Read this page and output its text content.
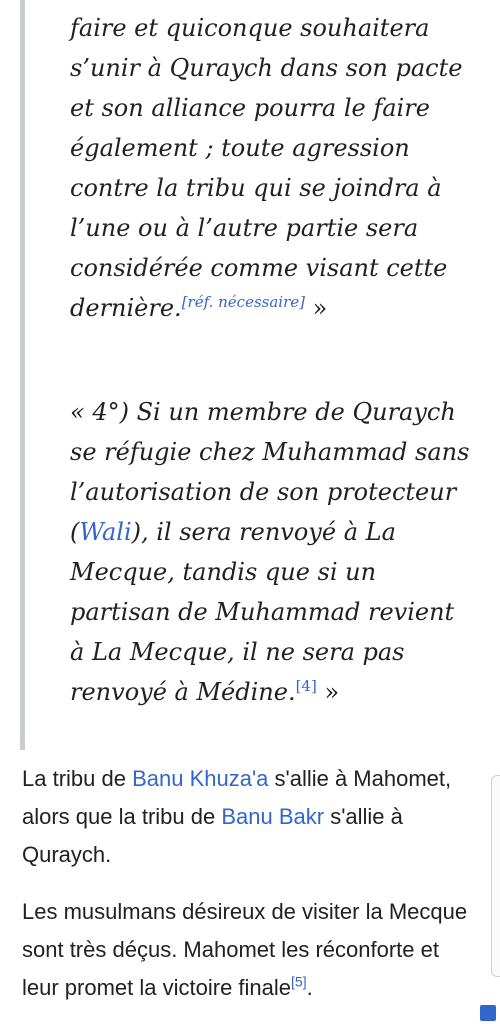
faire et quiconque souhaitera
s’unir à Quraych dans son pacte
et son alliance pourra le faire
également ; toute agression
contre la tribu qui se joindra à
l’une ou à l’autre partie sera
considérée comme visant cette
dernière.[réf. nécessaire] »
« 4°) Si un membre de Quraych
se réfugie chez Muhammad sans
l’autorisation de son protecteur
(Wali), il sera renvoyé à La
Mecque, tandis que si un
partisan de Muhammad revient
à La Mecque, il ne sera pas
renvoyé à Médine.[4] »
La tribu de Banu Khuza'a s'allie à Mahomet,
alors que la tribu de Banu Bakr s'allie à
Quraych.
Les musulmans désireux de visiter la Mecque
sont très déçus. Mahomet les réconforte et
leur promet la victoire finale[5].
